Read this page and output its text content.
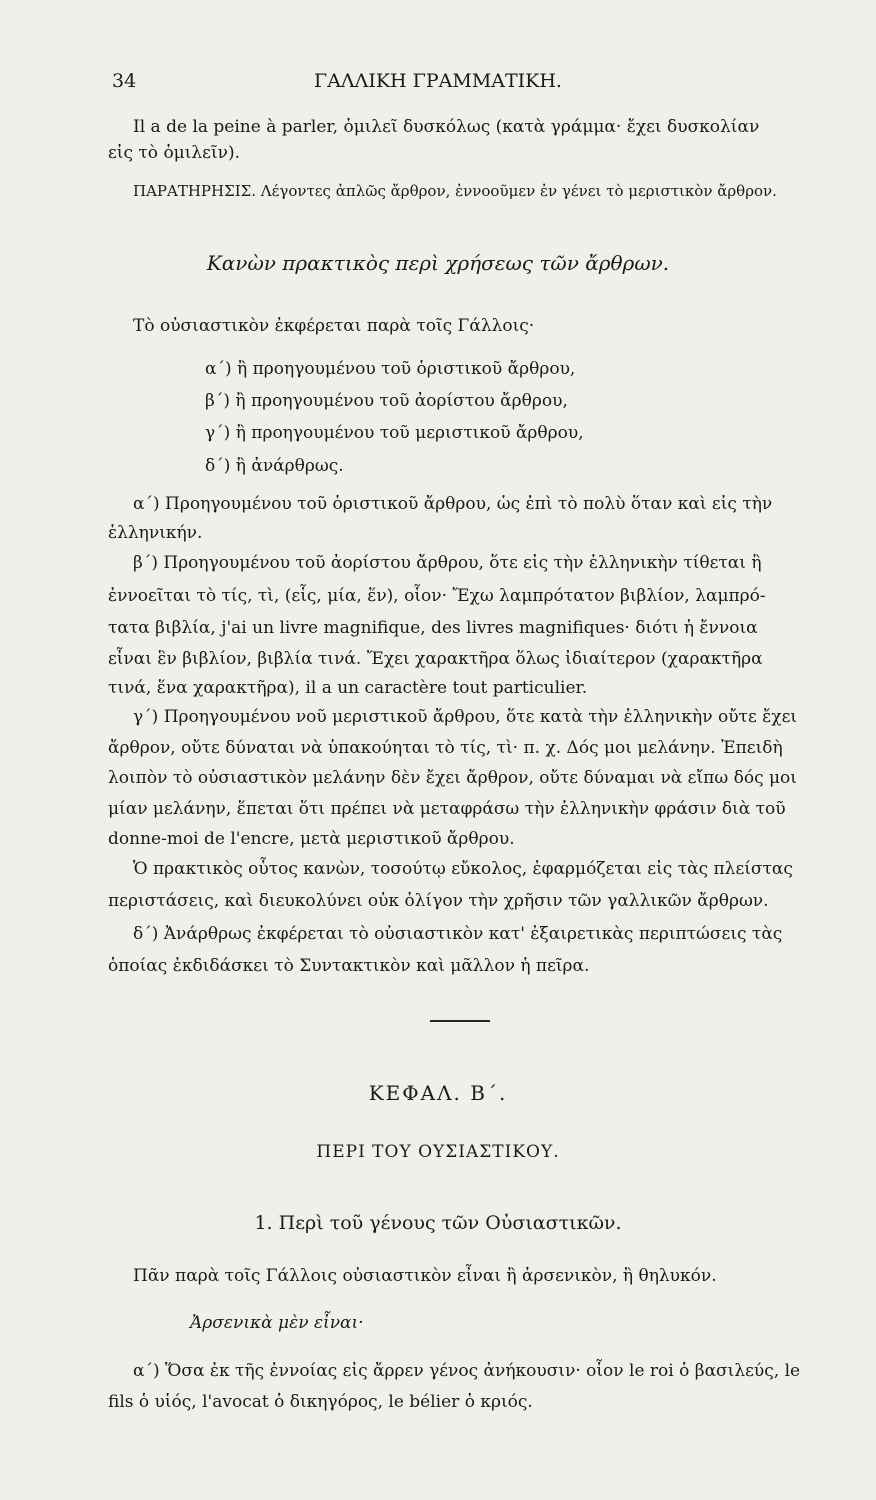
34	ΓΑΛΛΙΚΗ ΓΡΑΜΜΑΤΙΚΗ.
Il a de la peine à parler, ὁμιλεῖ δυσκόλως (κατὰ γράμμα· ἔχει δυσκολίαν
εἰς τὸ ὁμιλεῖν).
ΠΑΡΑΤΗΡΗΣΙΣ. Λέγοντες ἁπλῶς ἄρθρον, ἐννοοῦμεν ἐν γένει τὸ μεριστικὸν ἄρθρον.
Κανὼν πρακτικὸς περὶ χρήσεως τῶν ἄρθρων.
Τὸ οὐσιαστικὸν ἐκφέρεται παρὰ τοῖς Γάλλοις·
α΄) ἢ προηγουμένου τοῦ ὁριστικοῦ ἄρθρου,
β΄) ἢ προηγουμένου τοῦ ἀορίστου ἄρθρου,
γ΄) ἢ προηγουμένου τοῦ μεριστικοῦ ἄρθρου,
δ΄) ἢ ἀνάρθρως.
α΄) Προηγουμένου τοῦ ὁριστικοῦ ἄρθρου, ὡς ἐπὶ τὸ πολὺ ὅταν καὶ εἰς τὴν
ἑλληνικήν.
β΄) Προηγουμένου τοῦ ἀορίστου ἄρθρου, ὅτε εἰς τὴν ἑλληνικὴν τίθεται ἢ
ἐννοεῖται τὸ τίς, τὶ, (εἷς, μία, ἕν), οἷον· Ἔχω λαμπρότατον βιβλίον, λαμπρό-
τατα βιβλία, j'ai un livre magnifique, des livres magnifiques· διότι ἡ ἔννοια
εἶναι ἓν βιβλίον, βιβλία τινά. Ἔχει χαρακτῆρα ὅλως ἰδιαίτερον (χαρακτῆρα
τινά, ἕνα χαρακτῆρα), il a un caractère tout particulier.
γ΄) Προηγουμένου νοῦ μεριστικοῦ ἄρθρου, ὅτε κατὰ τὴν ἑλληνικὴν οὔτε ἔχει
ἄρθρον, οὔτε δύναται νὰ ὑπακούηται τὸ τίς, τὶ· π. χ. Δός μοι μελάνην. Ἐπειδὴ
λοιπὸν τὸ οὐσιαστικὸν μελάνην δὲν ἔχει ἄρθρον, οὔτε δύναμαι νὰ εἴπω δός μοι
μίαν μελάνην, ἕπεται ὅτι πρέπει νὰ μεταφράσω τὴν ἑλληνικὴν φράσιν διὰ τοῦ
donne-moi de l'encre, μετὰ μεριστικοῦ ἄρθρου.
Ὁ πρακτικὸς οὗτος κανὼν, τοσούτῳ εὔκολος, ἐφαρμόζεται εἰς τὰς πλείστας
περιστάσεις, καὶ διευκολύνει οὐκ ὀλίγον τὴν χρῆσιν τῶν γαλλικῶν ἄρθρων.
δ΄) Ἀνάρθρως ἐκφέρεται τὸ οὐσιαστικὸν κατ' ἐξαιρετικὰς περιπτώσεις τὰς
ὁποίας ἐκδιδάσκει τὸ Συντακτικὸν καὶ μᾶλλον ἡ πεῖρα.
ΚΕΦΑΛ. Β΄.
ΠΕΡΙ ΤΟΥ ΟΥΣΙΑΣΤΙΚΟΥ.
1. Περὶ τοῦ γένους τῶν Οὐσιαστικῶν.
Πᾶν παρὰ τοῖς Γάλλοις οὐσιαστικὸν εἶναι ἢ ἀρσενικὸν, ἢ θηλυκόν.
Ἀρσενικὰ μὲν εἶναι·
α΄) Ὅσα ἐκ τῆς ἐννοίας εἰς ἄρρεν γένος ἀνήκουσιν· οἷον le roi ὁ βασιλεύς, le
fils ὁ υἱός, l'avocat ὁ δικηγόρος, le bélier ὁ κριός.
